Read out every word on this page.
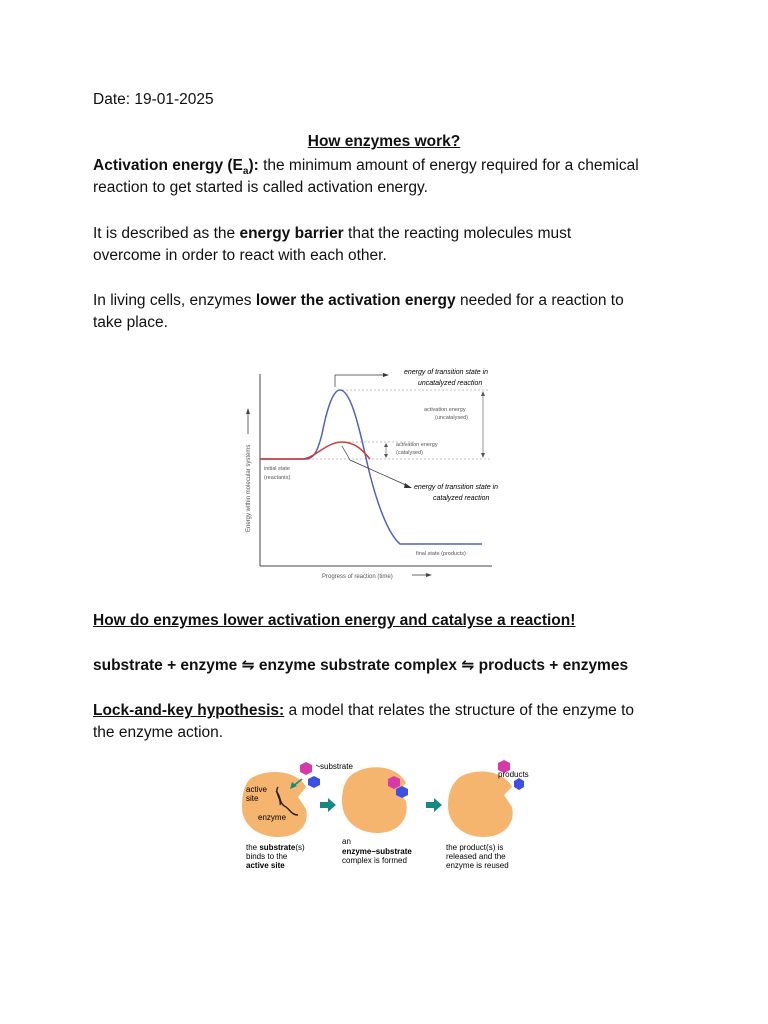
Date: 19-01-2025
How enzymes work?
Activation energy $(E_a)$: the minimum amount of energy required for a chemical
reaction to get started is called activation energy.
It is described as the energy barrier that the reacting molecules must
overcome in order to react with each other.
In living cells, enzymes lower the activation energy needed for a reaction to
take place.
Energy within molecular systems
Progress of reaction (time)
energy of transition state in
uncatalyzed reaction
activation energy
(uncatalysed)
activation energy
(catalysed)
initial state
(reactants)
energy of transition state in
catalyzed reaction
final state (products)
How do enzymes lower activation energy and catalyse a reaction!
substrate + enzyme ⇋ enzyme substrate complex ⇋ products + enzymes
Lock-and-key hypothesis: a model that relates the structure of the enzyme to
the enzyme action.
active
site
enzyme
substrate
products
the substrate(s)
binds to the
active site
an
enzyme–substrate
complex is formed
the product(s) is
released and the
enzyme is reused
